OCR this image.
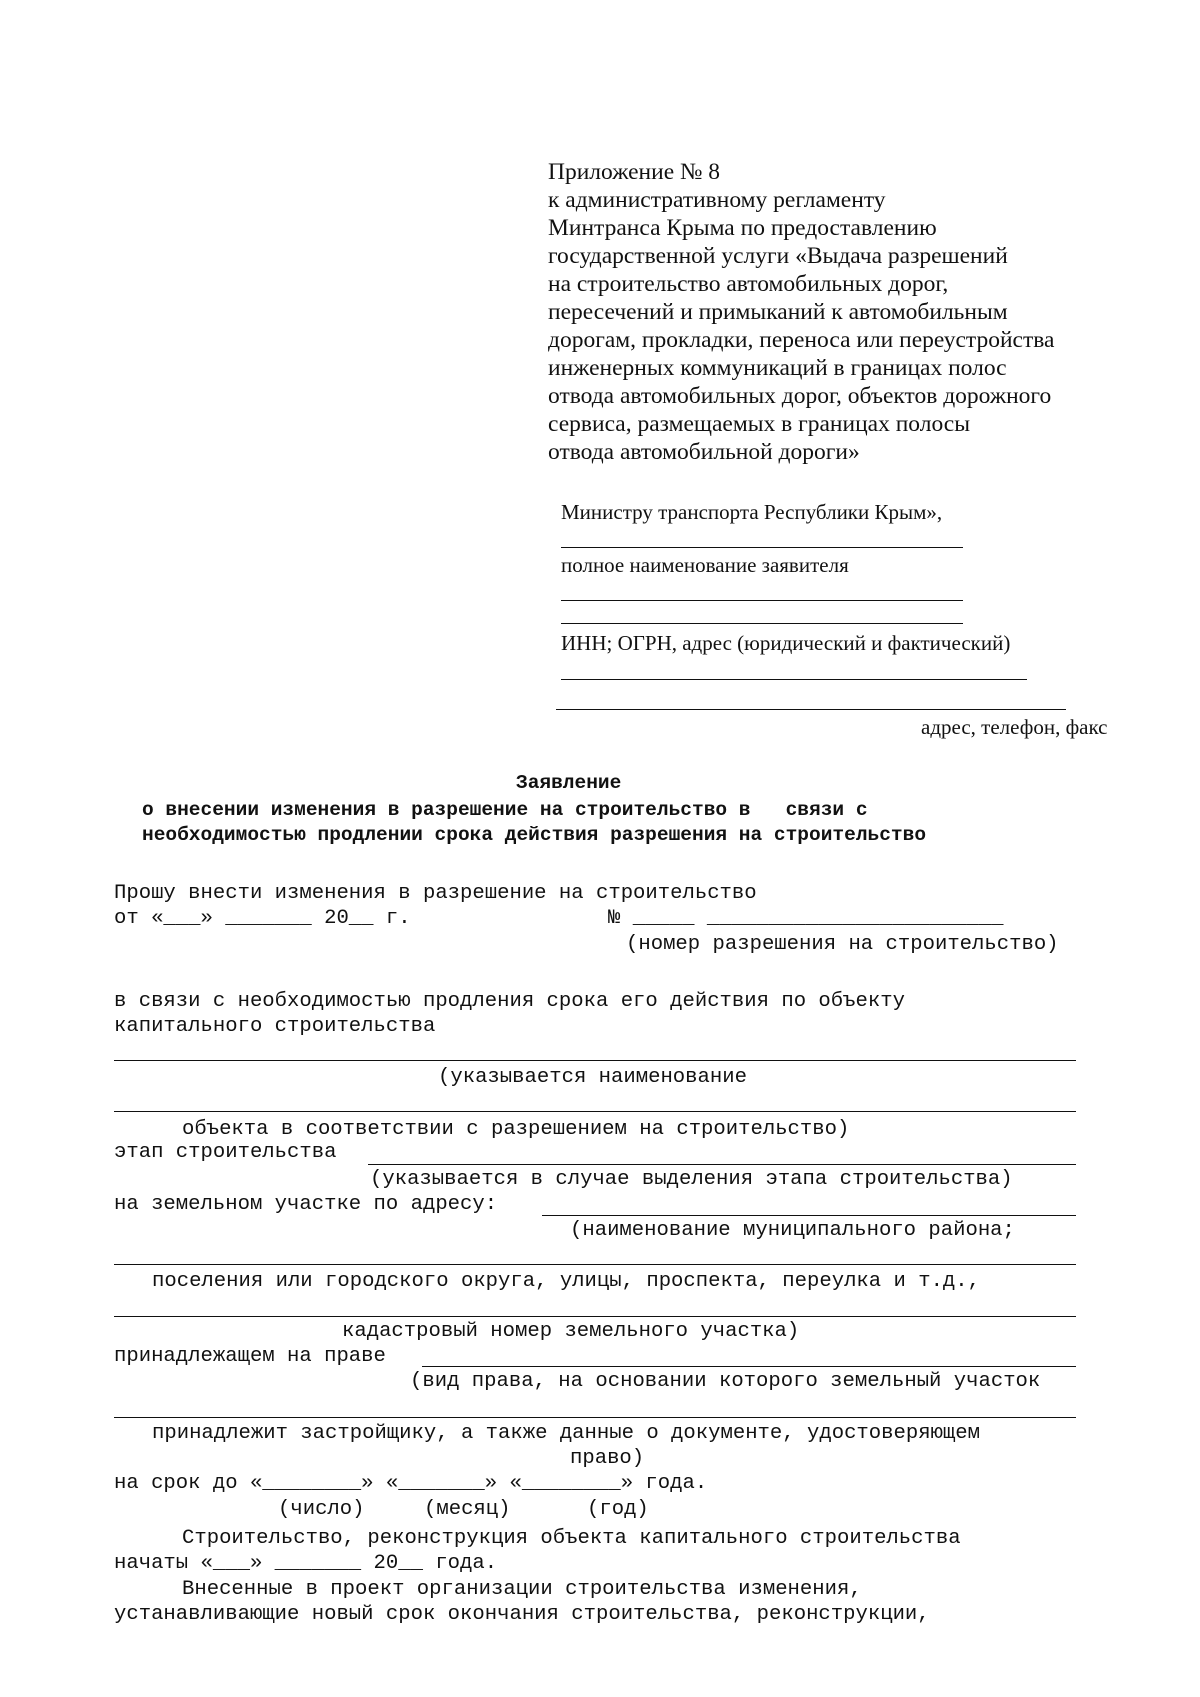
Приложение № 8
к административному регламенту
Минтранса Крыма по предоставлению
государственной услуги «Выдача разрешений
на строительство автомобильных дорог,
пересечений и примыканий к автомобильным
дорогам, прокладки, переноса или переустройства
инженерных коммуникаций в границах полос
отвода автомобильных дорог, объектов дорожного
сервиса, размещаемых в границах полосы
отвода автомобильной дороги»
Министру транспорта Республики Крым»,
полное наименование заявителя
ИНН; ОГРН, адрес (юридический и фактический)
адрес, телефон, факс
Заявление
о внесении изменения в разрешение на строительство в   связи с
необходимостью продлении срока действия разрешения на строительство
Прошу внести изменения в разрешение на строительство
от «___» _______ 20__ г.	№ _____ ________________________
(номер разрешения на строительство)
в связи с необходимостью продления срока его действия по объекту
капитального строительства
(указывается наименование
объекта в соответствии с разрешением на строительство)
этап строительства
(указывается в случае выделения этапа строительства)
на земельном участке по адресу:
(наименование муниципального района;
поселения или городского округа, улицы, проспекта, переулка и т.д.,
кадастровый номер земельного участка)
принадлежащем на праве
(вид права, на основании которого земельный участок
принадлежит застройщику, а также данные о документе, удостоверяющем
право)
на срок до «________» «_______» «________» года.
(число)	(месяц)	(год)
Строительство, реконструкция объекта капитального строительства
начаты «___» _______ 20__ года.
Внесенные в проект организации строительства изменения,
устанавливающие новый срок окончания строительства, реконструкции,
